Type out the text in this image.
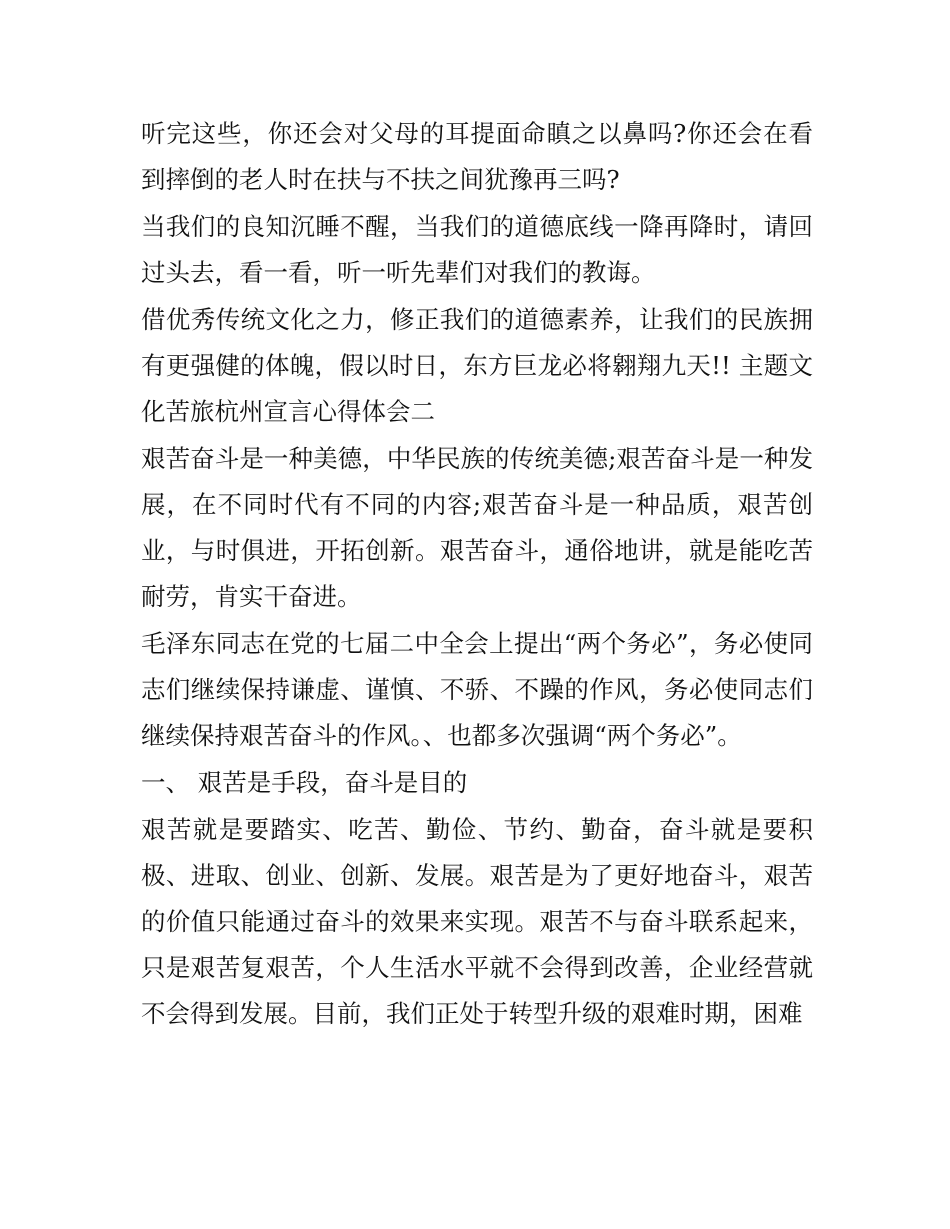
听完这些，你还会对父母的耳提面命瞋之以鼻吗?你还会在看到摔倒的老人时在扶与不扶之间犹豫再三吗?

当我们的良知沉睡不醒，当我们的道德底线一降再降时，请回过头去，看一看，听一听先辈们对我们的教诲。

借优秀传统文化之力，修正我们的道德素养，让我们的民族拥有更强健的体魄，假以时日，东方巨龙必将翱翔九天!! 主题文化苦旅杭州宣言心得体会二

艰苦奋斗是一种美德，中华民族的传统美德;艰苦奋斗是一种发展，在不同时代有不同的内容;艰苦奋斗是一种品质，艰苦创业，与时俱进，开拓创新。艰苦奋斗，通俗地讲，就是能吃苦耐劳，肯实干奋进。

毛泽东同志在党的七届二中全会上提出“两个务必”，务必使同志们继续保持谦虚、谨慎、不骄、不躁的作风，务必使同志们继续保持艰苦奋斗的作风。、也都多次强调“两个务必”。

一、 艰苦是手段，奋斗是目的

艰苦就是要踏实、吃苦、勤俭、节约、勤奋，奋斗就是要积极、进取、创业、创新、发展。艰苦是为了更好地奋斗，艰苦的价值只能通过奋斗的效果来实现。艰苦不与奋斗联系起来，只是艰苦复艰苦，个人生活水平就不会得到改善，企业经营就不会得到发展。目前，我们正处于转型升级的艰难时期，困难
